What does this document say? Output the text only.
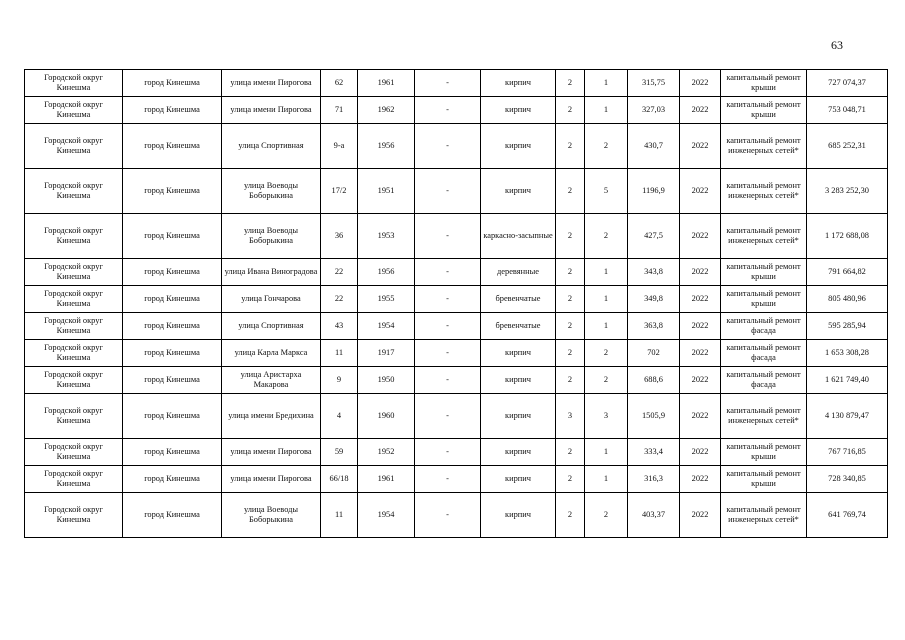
63
Городской округ Кинешма	город Кинешма	улица имени Пирогова	62	1961	-	кирпич	2	1	315,75	2022	капитальный ремонт крыши	727 074,37
Городской округ Кинешма	город Кинешма	улица имени Пирогова	71	1962	-	кирпич	2	1	327,03	2022	капитальный ремонт крыши	753 048,71
Городской округ Кинешма	город Кинешма	улица Спортивная	9-а	1956	-	кирпич	2	2	430,7	2022	капитальный ремонт инженерных сетей*	685 252,31
Городской округ Кинешма	город Кинешма	улица Воеводы Боборыкина	17/2	1951	-	кирпич	2	5	1196,9	2022	капитальный ремонт инженерных сетей*	3 283 252,30
Городской округ Кинешма	город Кинешма	улица Воеводы Боборыкина	36	1953	-	каркасно-засыпные	2	2	427,5	2022	капитальный ремонт инженерных сетей*	1 172 688,08
Городской округ Кинешма	город Кинешма	улица Ивана Виноградова	22	1956	-	деревянные	2	1	343,8	2022	капитальный ремонт крыши	791 664,82
Городской округ Кинешма	город Кинешма	улица Гончарова	22	1955	-	бревенчатые	2	1	349,8	2022	капитальный ремонт крыши	805 480,96
Городской округ Кинешма	город Кинешма	улица Спортивная	43	1954	-	бревенчатые	2	1	363,8	2022	капитальный ремонт фасада	595 285,94
Городской округ Кинешма	город Кинешма	улица Карла Маркса	11	1917	-	кирпич	2	2	702	2022	капитальный ремонт фасада	1 653 308,28
Городской округ Кинешма	город Кинешма	улица Аристарха Макарова	9	1950	-	кирпич	2	2	688,6	2022	капитальный ремонт фасада	1 621 749,40
Городской округ Кинешма	город Кинешма	улица имени Бредихина	4	1960	-	кирпич	3	3	1505,9	2022	капитальный ремонт инженерных сетей*	4 130 879,47
Городской округ Кинешма	город Кинешма	улица имени Пирогова	59	1952	-	кирпич	2	1	333,4	2022	капитальный ремонт крыши	767 716,85
Городской округ Кинешма	город Кинешма	улица имени Пирогова	66/18	1961	-	кирпич	2	1	316,3	2022	капитальный ремонт крыши	728 340,85
Городской округ Кинешма	город Кинешма	улица Воеводы Боборыкина	11	1954	-	кирпич	2	2	403,37	2022	капитальный ремонт инженерных сетей*	641 769,74
